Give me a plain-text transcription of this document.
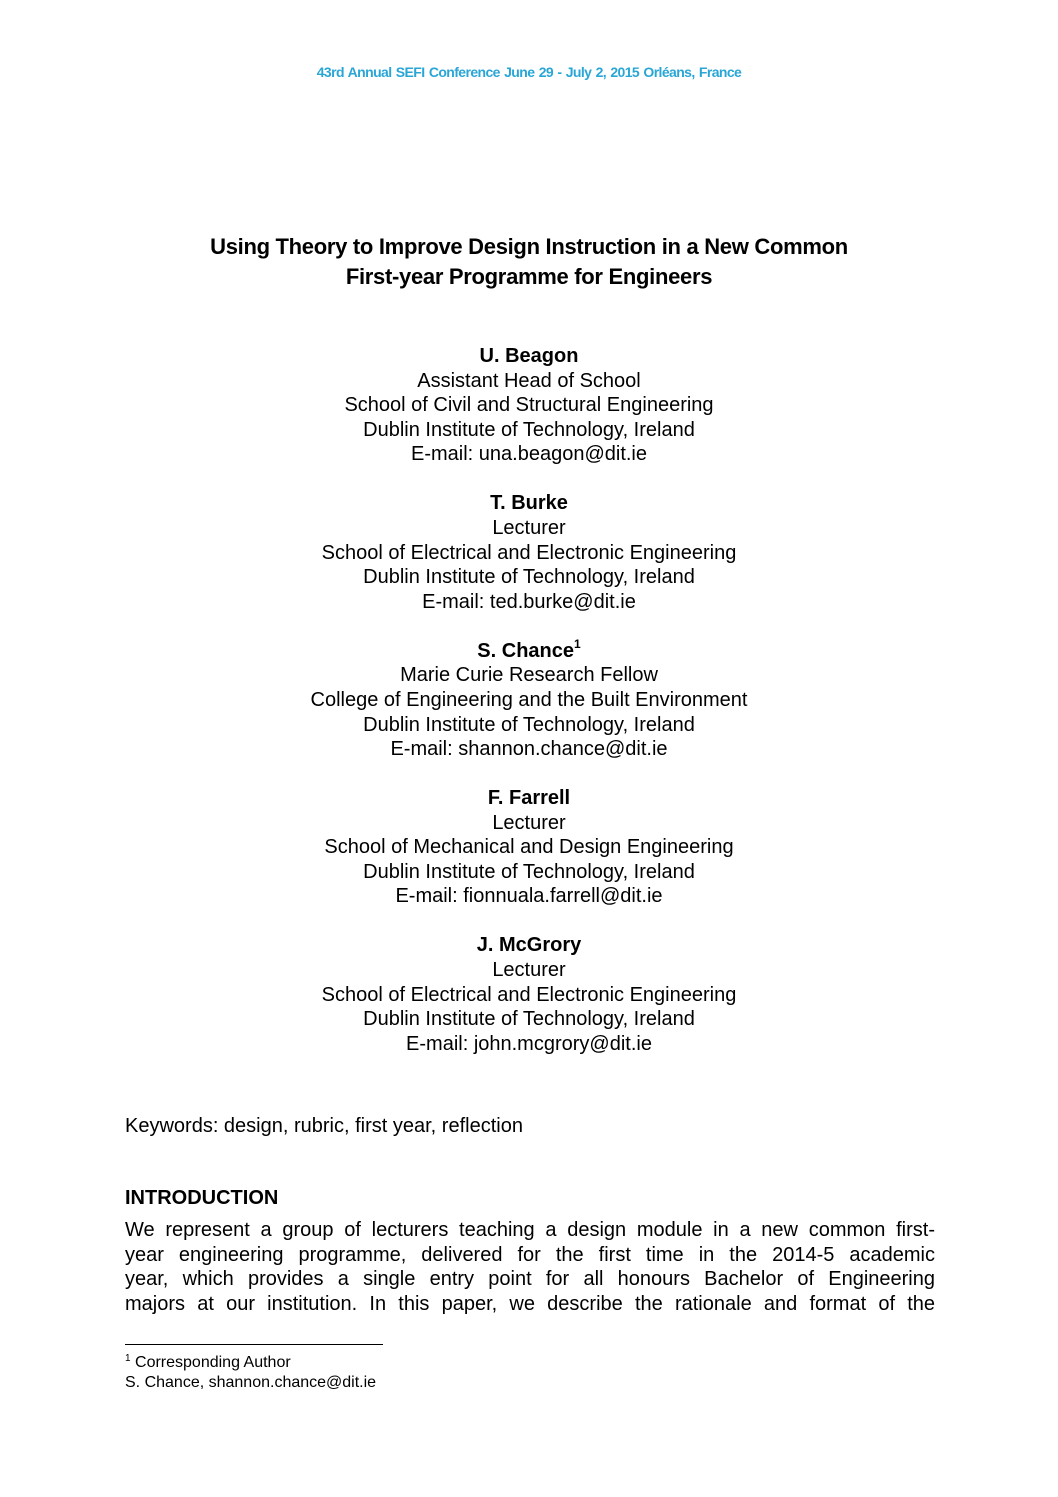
43rd Annual SEFI Conference June 29 - July 2, 2015 Orléans, France
Using Theory to Improve Design Instruction in a New Common
First-year Programme for Engineers
U. Beagon
Assistant Head of School
School of Civil and Structural Engineering
Dublin Institute of Technology, Ireland
E-mail: una.beagon@dit.ie
T. Burke
Lecturer
School of Electrical and Electronic Engineering
Dublin Institute of Technology, Ireland
E-mail: ted.burke@dit.ie
S. Chance$^1$
Marie Curie Research Fellow
College of Engineering and the Built Environment
Dublin Institute of Technology, Ireland
E-mail: shannon.chance@dit.ie
F. Farrell
Lecturer
School of Mechanical and Design Engineering
Dublin Institute of Technology, Ireland
E-mail: fionnuala.farrell@dit.ie
J. McGrory
Lecturer
School of Electrical and Electronic Engineering
Dublin Institute of Technology, Ireland
E-mail: john.mcgrory@dit.ie
Keywords: design, rubric, first year, reflection
INTRODUCTION
We represent a group of lecturers teaching a design module in a new common first-
year engineering programme, delivered for the first time in the 2014-5 academic
year, which provides a single entry point for all honours Bachelor of Engineering
majors at our institution. In this paper, we describe the rationale and format of the
$^1$ Corresponding Author
S. Chance, shannon.chance@dit.ie
